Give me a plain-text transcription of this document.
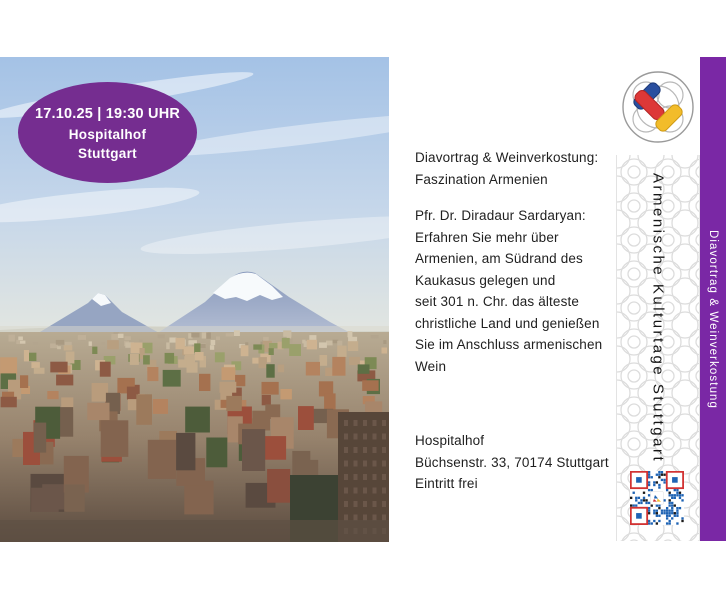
17.10.25 | 19:30 UHR
Hospitalhof
Stuttgart	Diavortrag & Weinverkostung:
Faszination Armenien
Pfr. Dr. Diradaur Sardaryan:
Erfahren Sie mehr über
Armenien, am Südrand des
Kaukasus gelegen und
seit 301 n. Chr. das älteste
christliche Land und genießen
Sie im Anschluss armenischen
Wein
Hospitalhof
Büchsenstr. 33, 70174 Stuttgart
Eintritt frei
Armenische Kulturtage Stuttgart	Diavortrag & Weinverkostung
